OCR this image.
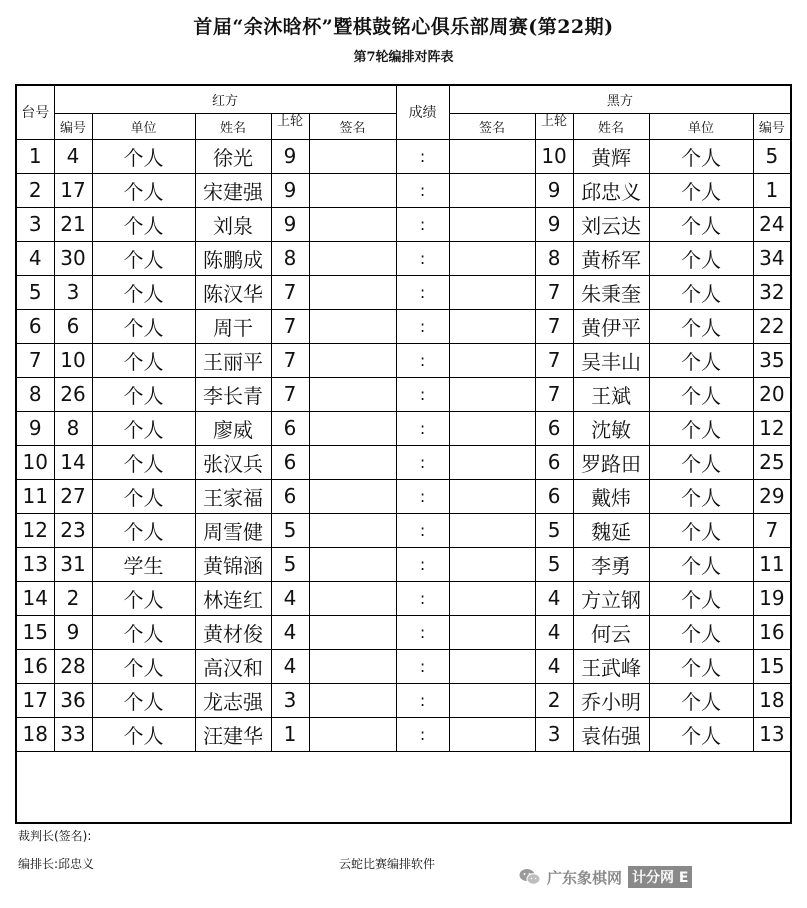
首届“余沐晗杯”暨棋鼓铭心俱乐部周赛(第22期)
第7轮编排对阵表
台号	红方					成绩	黑方				
	编号	单位	姓名	上轮	签名		签名	上轮	姓名	单位	编号
1	4	个人	徐光	9		:		10	黄辉	个人	5
2	17	个人	宋建强	9		:		9	邱忠义	个人	1
3	21	个人	刘泉	9		:		9	刘云达	个人	24
4	30	个人	陈鹏成	8		:		8	黄桥军	个人	34
5	3	个人	陈汉华	7		:		7	朱秉奎	个人	32
6	6	个人	周干	7		:		7	黄伊平	个人	22
7	10	个人	王丽平	7		:		7	吴丰山	个人	35
8	26	个人	李长青	7		:		7	王斌	个人	20
9	8	个人	廖威	6		:		6	沈敏	个人	12
10	14	个人	张汉兵	6		:		6	罗路田	个人	25
11	27	个人	王家福	6		:		6	戴炜	个人	29
12	23	个人	周雪健	5		:		5	魏延	个人	7
13	31	学生	黄锦涵	5		:		5	李勇	个人	11
14	2	个人	林连红	4		:		4	方立钢	个人	19
15	9	个人	黄材俊	4		:		4	何云	个人	16
16	28	个人	高汉和	4		:		4	王武峰	个人	15
17	36	个人	龙志强	3		:		2	乔小明	个人	18
18	33	个人	汪建华	1		:		3	袁佑强	个人	13

裁判长(签名):
编排长:邱忠义	云蛇比赛编排软件
广东象棋网 计分网 E
